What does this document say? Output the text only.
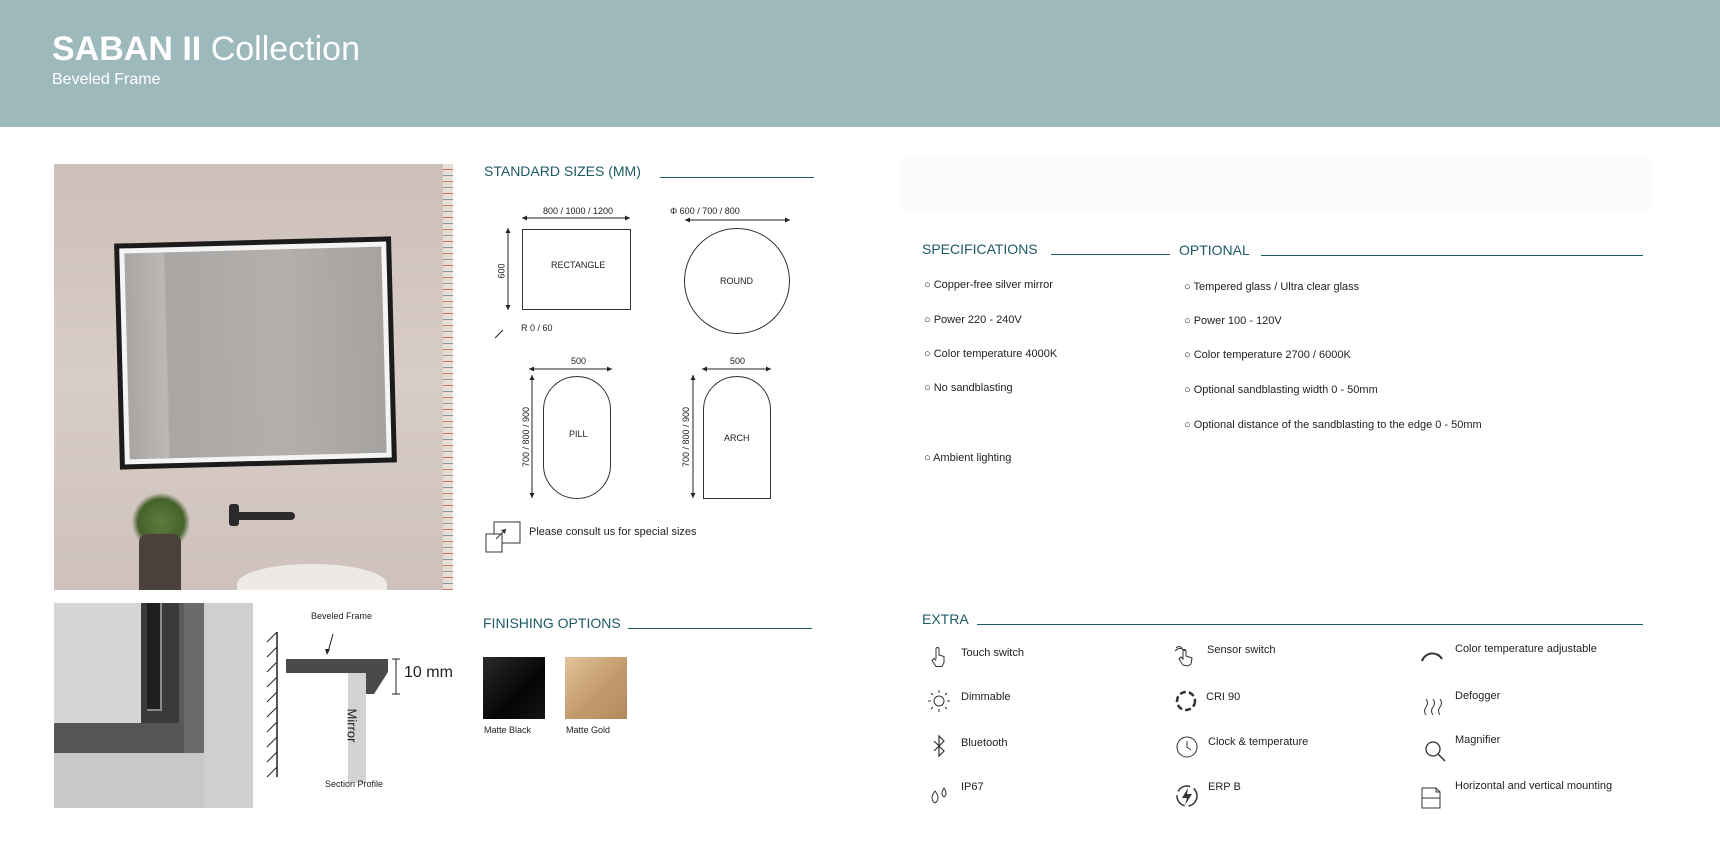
SABAN II Collection
Beveled Frame
Beveled Frame
10 mm
Mirror
Section Profile
STANDARD SIZES (MM)
800 / 1000 / 1200
600	RECTANGLE
R 0 / 60
Φ 600 / 700 / 800
ROUND
500
700 / 800 / 900	PILL
500
700 / 800 / 900	ARCH
Please consult us for special sizes
FINISHING OPTIONS
Matte Black	Matte Gold
SPECIFICATIONS
○ Copper-free silver mirror
○ Power 220 - 240V
○ Color temperature 4000K
○ No sandblasting
○ Ambient lighting
OPTIONAL
○ Tempered glass / Ultra clear glass
○ Power 100 - 120V
○ Color temperature 2700 / 6000K
○ Optional sandblasting width 0 - 50mm
○ Optional distance of the sandblasting to the edge 0 - 50mm
EXTRA
Touch switch	Sensor switch	Color temperature adjustable
Dimmable	CRI 90	Defogger
Bluetooth	Clock & temperature	Magnifier
IP67	ERP B	Horizontal and vertical mounting
